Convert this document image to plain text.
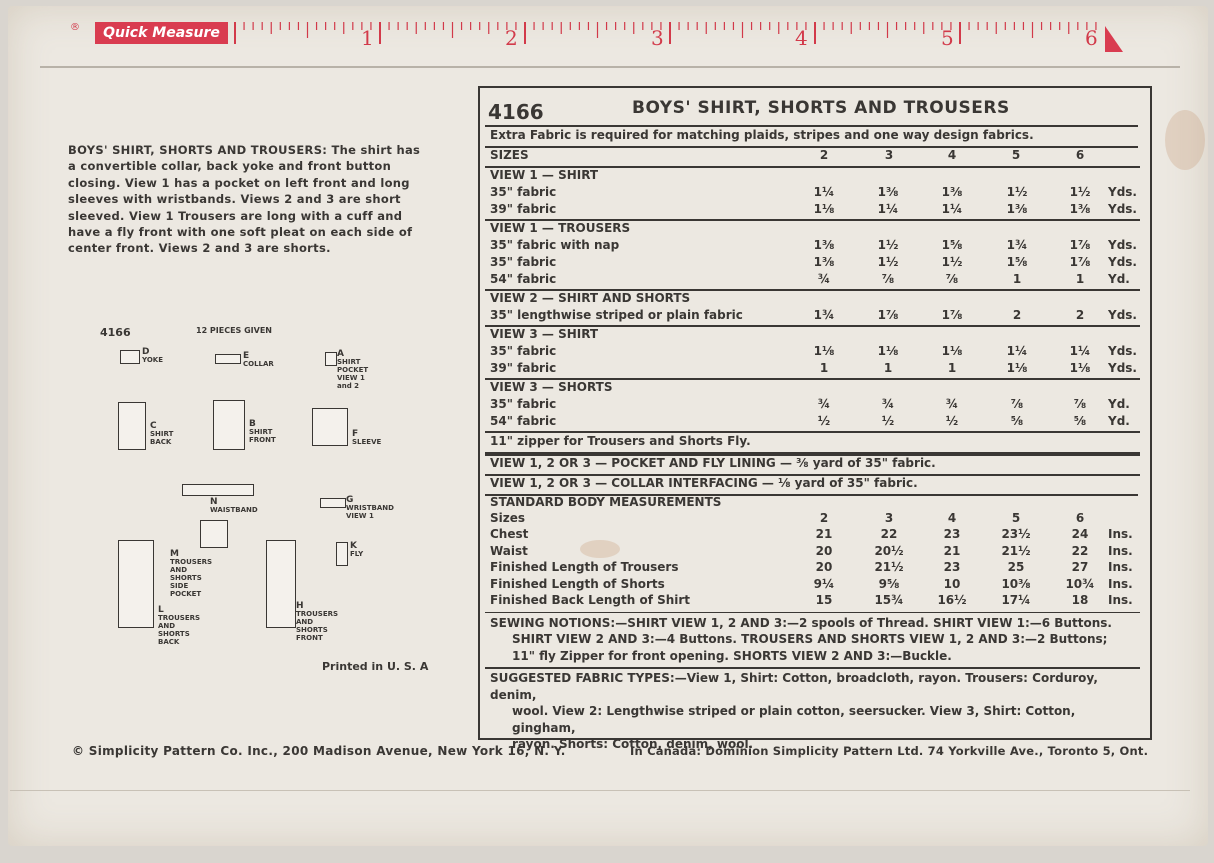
®	Quick Measure	1	2	3	4	5	6
BOYS' SHIRT, SHORTS AND TROUSERS: The shirt has a convertible collar, back yoke and front button closing. View 1 has a pocket on left front and long sleeves with wristbands. Views 2 and 3 are short sleeved. View 1 Trousers are long with a cuff and have a fly front with one soft pleat on each side of center front. Views 2 and 3 are shorts.
4166	12 PIECES GIVEN
D
YOKE	E
COLLAR
A
SHIRT POCKET VIEW 1 and 2
C
SHIRT BACK
B
SHIRT FRONT
F
SLEEVE
N
WAISTBAND
G
WRISTBAND VIEW 1
M
TROUSERS AND SHORTS SIDE POCKET
K
FLY
L
TROUSERS AND SHORTS BACK
H
TROUSERS AND SHORTS FRONT
Printed in U. S. A
4166	BOYS' SHIRT, SHORTS AND TROUSERS
Extra Fabric is required for matching plaids, stripes and one way design fabrics.
SIZES	2	3	4	5	6
VIEW 1 — SHIRT
35" fabric	1¼	1⅜	1⅜	1½	1½	Yds.
39" fabric	1⅛	1¼	1¼	1⅜	1⅜	Yds.
VIEW 1 — TROUSERS
35" fabric with nap	1⅜	1½	1⅝	1¾	1⅞	Yds.
35" fabric	1⅜	1½	1½	1⅝	1⅞	Yds.
54" fabric	¾	⅞	⅞	1	1	Yd.
VIEW 2 — SHIRT AND SHORTS
35" lengthwise striped or plain fabric	1¾	1⅞	1⅞	2	2	Yds.
VIEW 3 — SHIRT
35" fabric	1⅛	1⅛	1⅛	1¼	1¼	Yds.
39" fabric	1	1	1	1⅛	1⅛	Yds.
VIEW 3 — SHORTS
35" fabric	¾	¾	¾	⅞	⅞	Yd.
54" fabric	½	½	½	⅝	⅝	Yd.
11" zipper for Trousers and Shorts Fly.
VIEW 1, 2 OR 3 — POCKET AND FLY LINING — ⅜ yard of 35" fabric.
VIEW 1, 2 OR 3 — COLLAR INTERFACING — ⅛ yard of 35" fabric.
STANDARD BODY MEASUREMENTS
Sizes	2	3	4	5	6
Chest	21	22	23	23½	24	Ins.
Waist	20	20½	21	21½	22	Ins.
Finished Length of Trousers	20	21½	23	25	27	Ins.
Finished Length of Shorts	9¼	9⅝	10	10⅜	10¾	Ins.
Finished Back Length of Shirt	15	15¾	16½	17¼	18	Ins.
SEWING NOTIONS:—SHIRT VIEW 1, 2 AND 3:—2 spools of Thread. SHIRT VIEW 1:—6 Buttons.
SHIRT VIEW 2 AND 3:—4 Buttons. TROUSERS AND SHORTS VIEW 1, 2 AND 3:—2 Buttons;
11" fly Zipper for front opening. SHORTS VIEW 2 AND 3:—Buckle.
SUGGESTED FABRIC TYPES:—View 1, Shirt: Cotton, broadcloth, rayon. Trousers: Corduroy, denim,
wool. View 2: Lengthwise striped or plain cotton, seersucker. View 3, Shirt: Cotton, gingham,
rayon. Shorts: Cotton, denim, wool.
© Simplicity Pattern Co. Inc., 200 Madison Avenue, New York 16, N. Y.	In Canada: Dominion Simplicity Pattern Ltd. 74 Yorkville Ave., Toronto 5, Ont.
